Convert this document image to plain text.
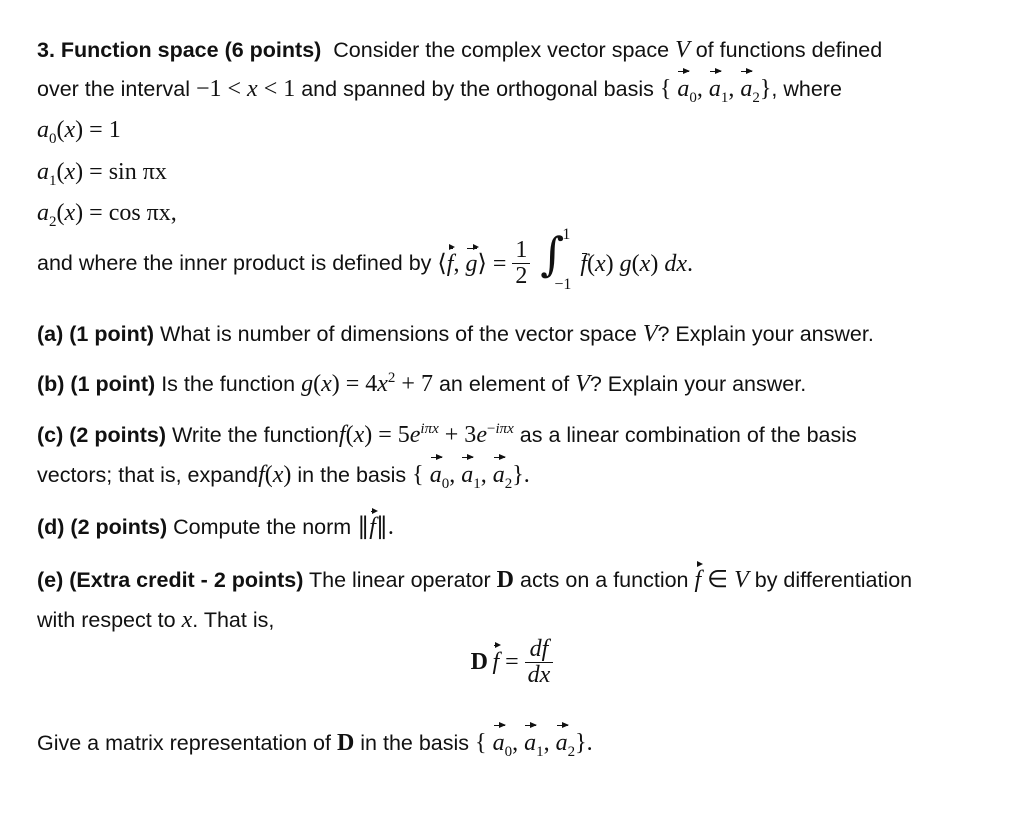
3. Function space (6 points) Consider the complex vector space V of functions defined
over the interval −1 < x < 1 and spanned by the orthogonal basis { $a_0$, $a_1$, $a_2$}, where
$a_0(x) = 1$
$a_1(x) = \sin \pi x$
$a_2(x) = \cos \pi x$,
and where the inner product is defined by ⟨f, g⟩ = $\frac{1}{2}$
∫
1
−1
f(x) g(x) dx.
(a) (1 point) What is number of dimensions of the vector space V? Explain your answer.
(b) (1 point) Is the function $g(x) = 4x^2 + 7$ an element of V? Explain your answer.
(c) (2 points) Write the functionf(x) = $5e^{i\pi x} + 3e^{-i\pi x}$ as a linear combination of the basis
vectors; that is, expandf(x) in the basis { $a_0$, $a_1$, $a_2$}.
(d) (2 points) Compute the norm ∥f∥.
(e) (Extra credit - 2 points) The linear operator D acts on a function f ∈ V by differentiation
with respect to x. That is,
D $f = \frac{df}{dx}$
Give a matrix representation of D in the basis { $a_0$, $a_1$, $a_2$}.
